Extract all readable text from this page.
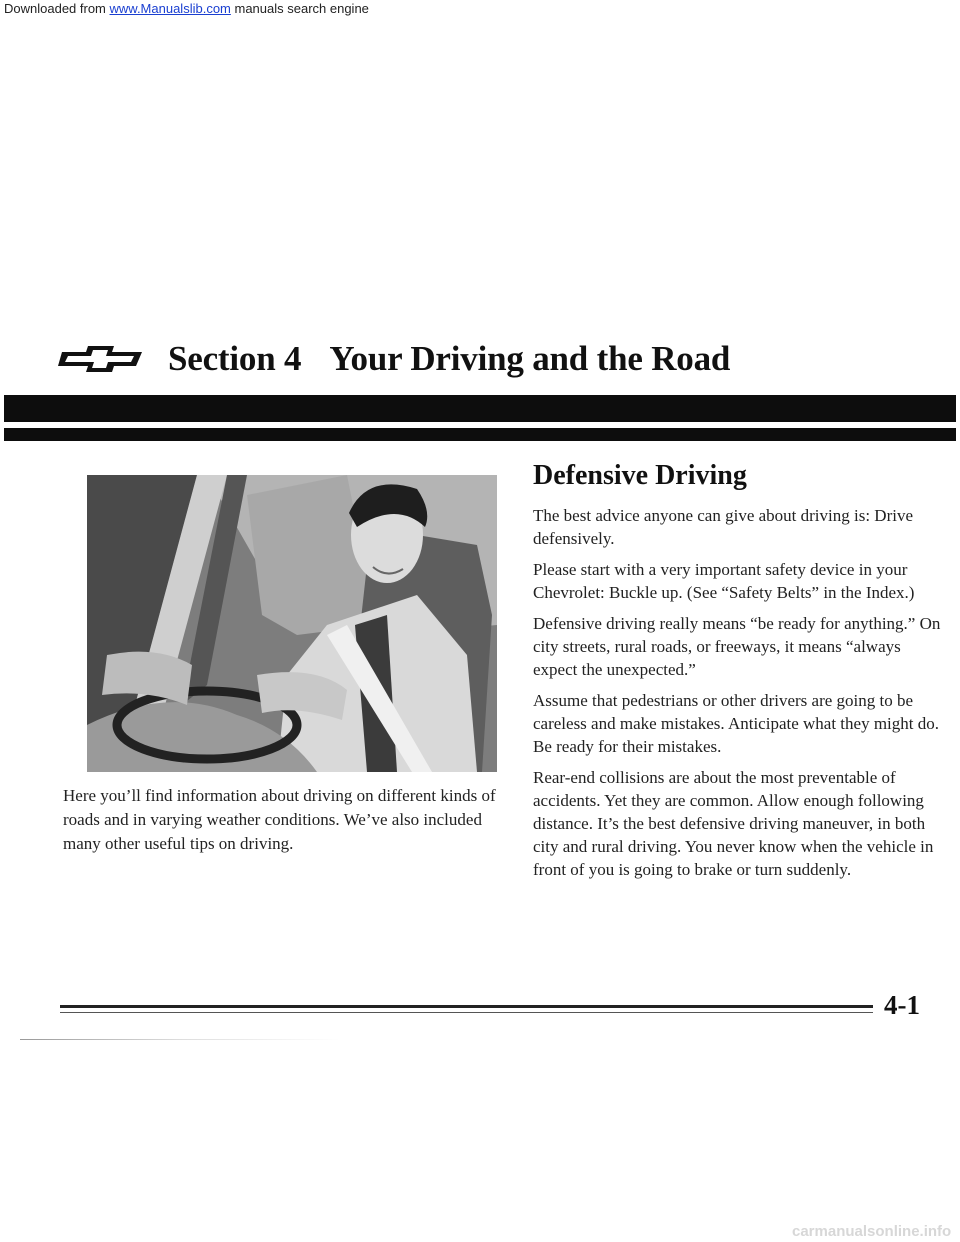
Downloaded from www.Manualslib.com manuals search engine
Section 4 Your Driving and the Road
Here you’ll find information about driving on different kinds of roads and in varying weather conditions. We’ve also included many other useful tips on driving.
Defensive Driving

The best advice anyone can give about driving is: Drive defensively.

Please start with a very important safety device in your Chevrolet: Buckle up. (See “Safety Belts” in the Index.)

Defensive driving really means “be ready for anything.” On city streets, rural roads, or freeways, it means “always expect the unexpected.”

Assume that pedestrians or other drivers are going to be careless and make mistakes. Anticipate what they might do. Be ready for their mistakes.

Rear-end collisions are about the most preventable of accidents. Yet they are common. Allow enough following distance. It’s the best defensive driving maneuver, in both city and rural driving. You never know when the vehicle in front of you is going to brake or turn suddenly.

4-1
carmanualsonline.info
